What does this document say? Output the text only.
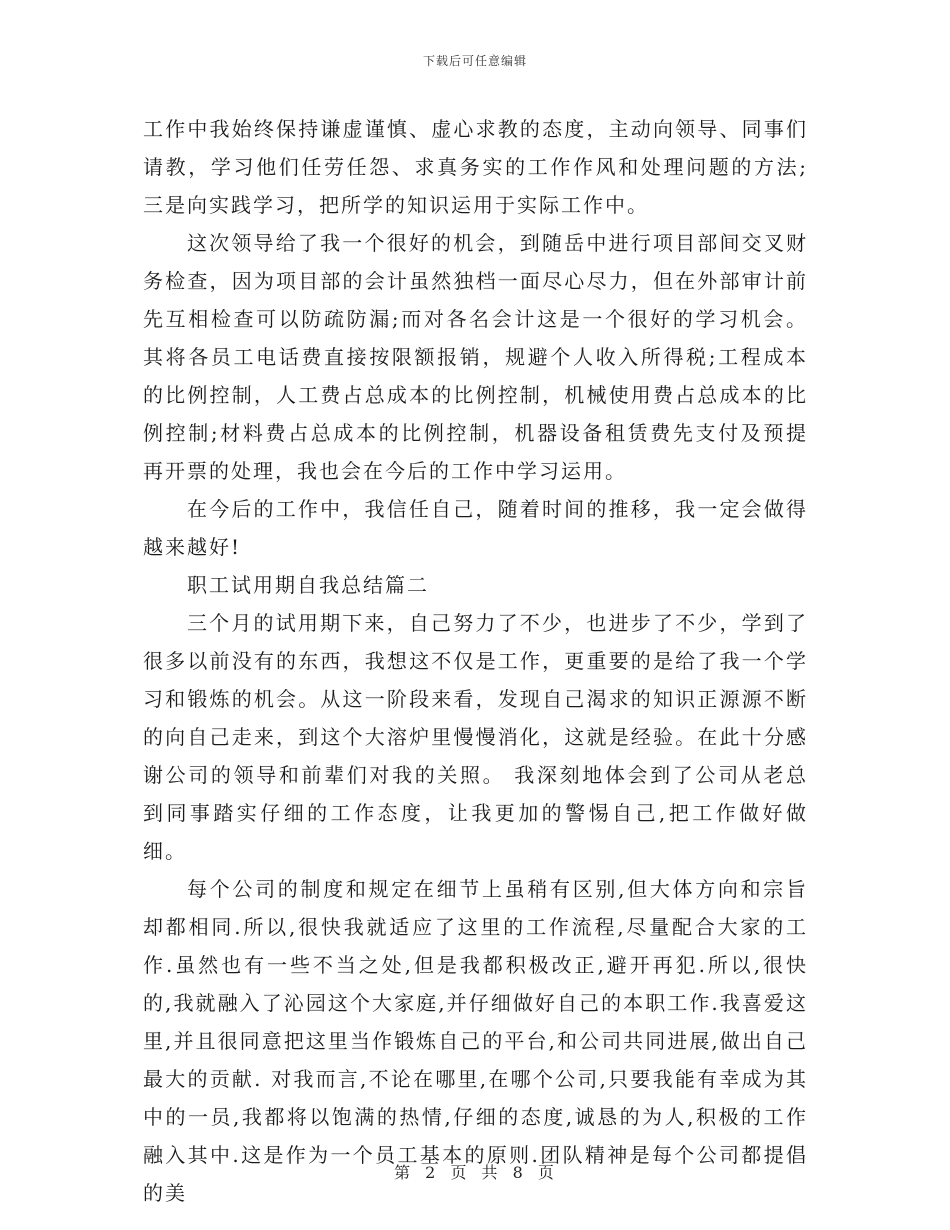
下载后可任意编辑

工作中我始终保持谦虚谨慎、虚心求教的态度，主动向领导、同事们请教，学习他们任劳任怨、求真务实的工作作风和处理问题的方法;三是向实践学习，把所学的知识运用于实际工作中。

这次领导给了我一个很好的机会，到随岳中进行项目部间交叉财务检查，因为项目部的会计虽然独档一面尽心尽力，但在外部审计前先互相检查可以防疏防漏;而对各名会计这是一个很好的学习机会。其将各员工电话费直接按限额报销，规避个人收入所得税;工程成本的比例控制，人工费占总成本的比例控制，机械使用费占总成本的比例控制;材料费占总成本的比例控制，机器设备租赁费先支付及预提再开票的处理，我也会在今后的工作中学习运用。

在今后的工作中，我信任自己，随着时间的推移，我一定会做得越来越好!

职工试用期自我总结篇二

三个月的试用期下来，自己努力了不少，也进步了不少，学到了很多以前没有的东西，我想这不仅是工作，更重要的是给了我一个学习和锻炼的机会。从这一阶段来看，发现自己渴求的知识正源源不断的向自己走来，到这个大溶炉里慢慢消化，这就是经验。在此十分感谢公司的领导和前辈们对我的关照。 我深刻地体会到了公司从老总到同事踏实仔细的工作态度，让我更加的警惕自己,把工作做好做细。

每个公司的制度和规定在细节上虽稍有区别,但大体方向和宗旨却都相同.所以,很快我就适应了这里的工作流程,尽量配合大家的工作.虽然也有一些不当之处,但是我都积极改正,避开再犯.所以,很快的,我就融入了沁园这个大家庭,并仔细做好自己的本职工作.我喜爱这里,并且很同意把这里当作锻炼自己的平台,和公司共同进展,做出自己最大的贡献. 对我而言,不论在哪里,在哪个公司,只要我能有幸成为其中的一员,我都将以饱满的热情,仔细的态度,诚恳的为人,积极的工作融入其中.这是作为一个员工基本的原则.团队精神是每个公司都提倡的美

第 2 页 共 8 页
